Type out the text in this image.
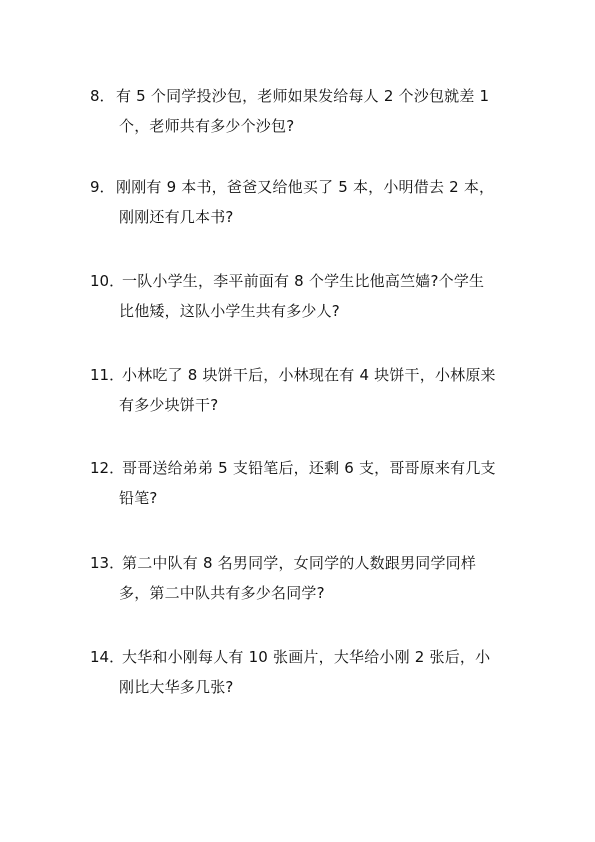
8． 有 5 个同学投沙包，老师如果发给每人 2 个沙包就差 1
个，老师共有多少个沙包?
9． 刚刚有 9 本书，爸爸又给他买了 5 本，小明借去 2 本，
刚刚还有几本书?
10．
一队小学生，李平前面有 8 个学生比他高竺嫱?个学生
比他矮，这队小学生共有多少人?
11．
小林吃了 8 块饼干后，小林现在有 4 块饼干，小林原来
有多少块饼干?
12．
哥哥送给弟弟 5 支铅笔后，还剩 6 支，哥哥原来有几支
铅笔?
13．
第二中队有 8 名男同学，女同学的人数跟男同学同样
多，第二中队共有多少名同学?
14．
大华和小刚每人有 10 张画片，大华给小刚 2 张后，小
刚比大华多几张?
